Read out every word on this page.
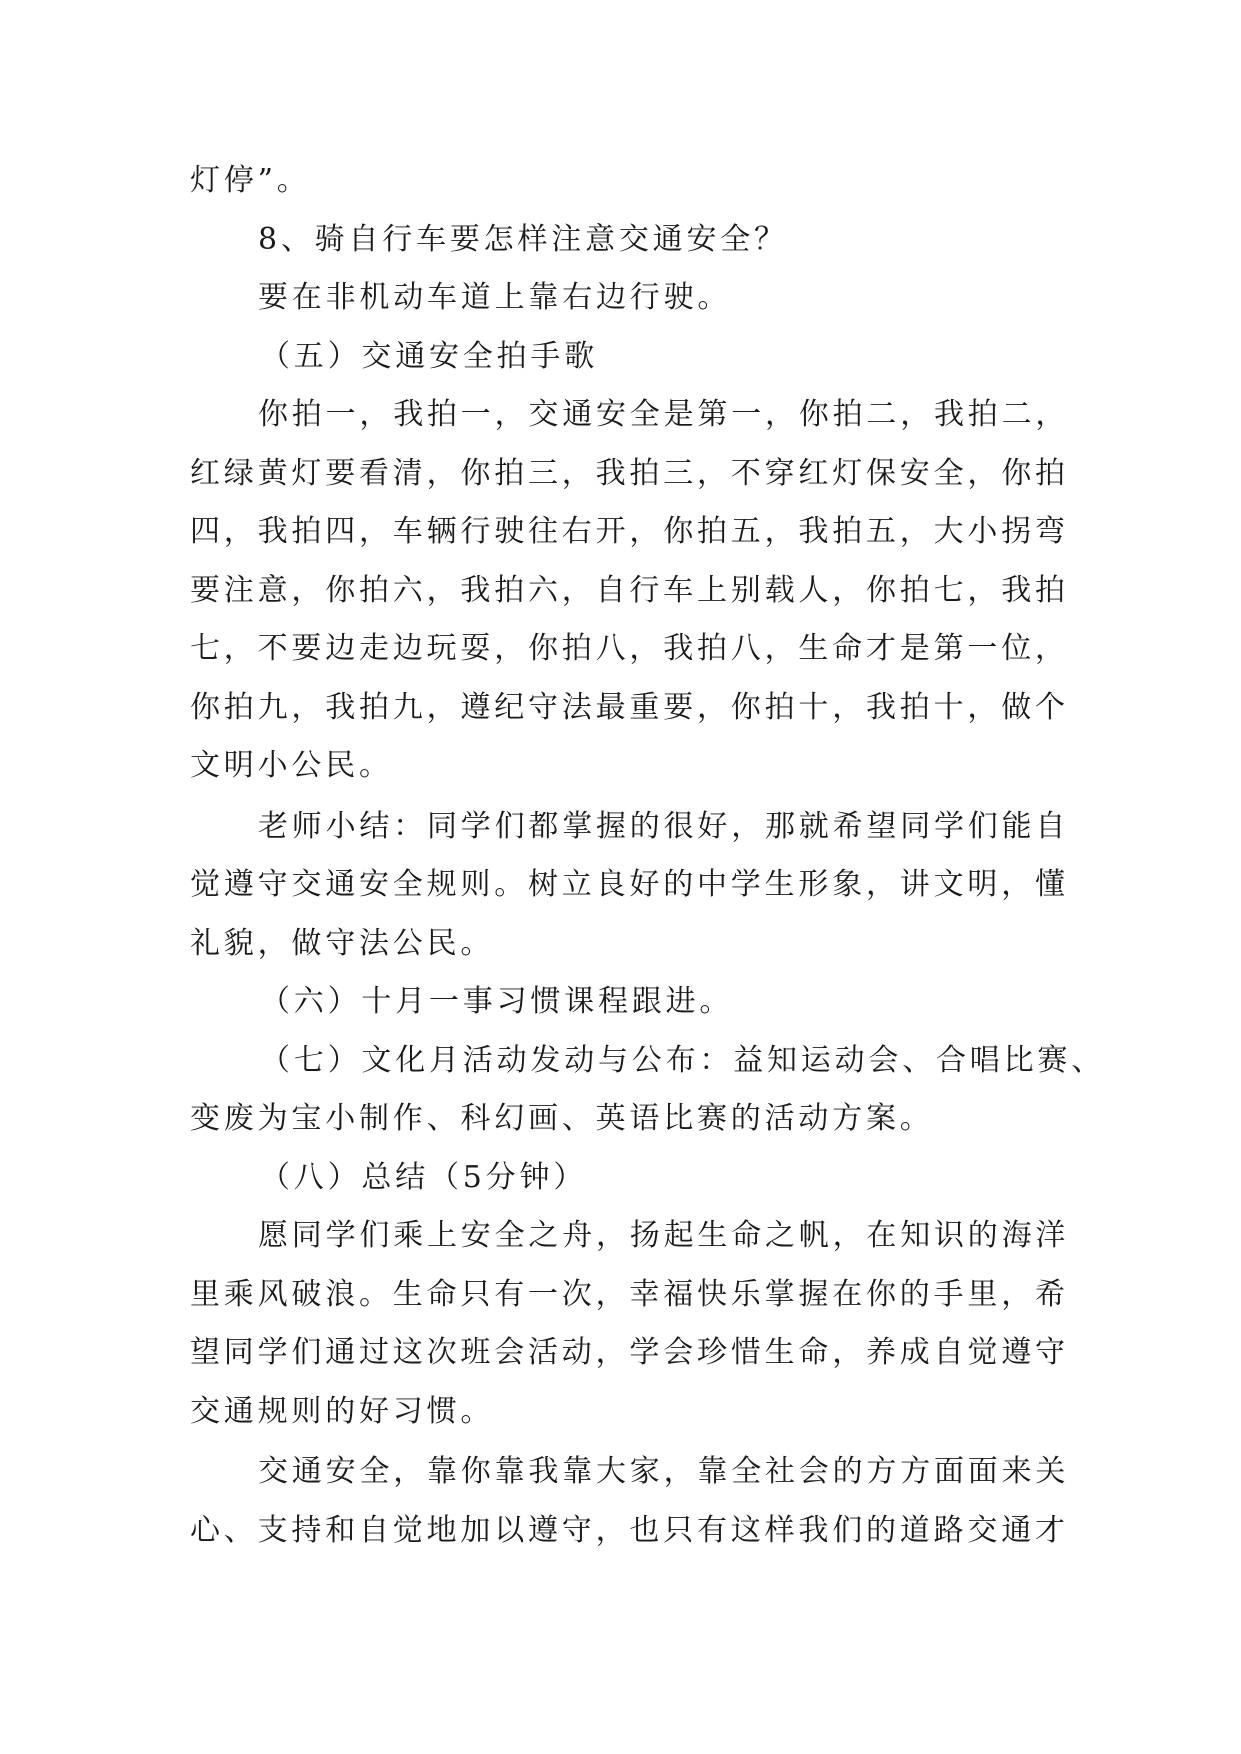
灯停”。
8、骑自行车要怎样注意交通安全？
要在非机动车道上靠右边行驶。
（五）交通安全拍手歌
你拍一，我拍一，交通安全是第一，你拍二，我拍二，
红绿黄灯要看清，你拍三，我拍三，不穿红灯保安全，你拍
四，我拍四，车辆行驶往右开，你拍五，我拍五，大小拐弯
要注意，你拍六，我拍六，自行车上别载人，你拍七，我拍
七，不要边走边玩耍，你拍八，我拍八，生命才是第一位，
你拍九，我拍九，遵纪守法最重要，你拍十，我拍十，做个
文明小公民。
老师小结：同学们都掌握的很好，那就希望同学们能自
觉遵守交通安全规则。树立良好的中学生形象，讲文明，懂
礼貌，做守法公民。
（六）十月一事习惯课程跟进。
（七）文化月活动发动与公布：益知运动会、合唱比赛、
变废为宝小制作、科幻画、英语比赛的活动方案。
（八）总结（5分钟）
愿同学们乘上安全之舟，扬起生命之帆，在知识的海洋
里乘风破浪。生命只有一次，幸福快乐掌握在你的手里，希
望同学们通过这次班会活动，学会珍惜生命，养成自觉遵守
交通规则的好习惯。
交通安全，靠你靠我靠大家，靠全社会的方方面面来关
心、支持和自觉地加以遵守，也只有这样我们的道路交通才
